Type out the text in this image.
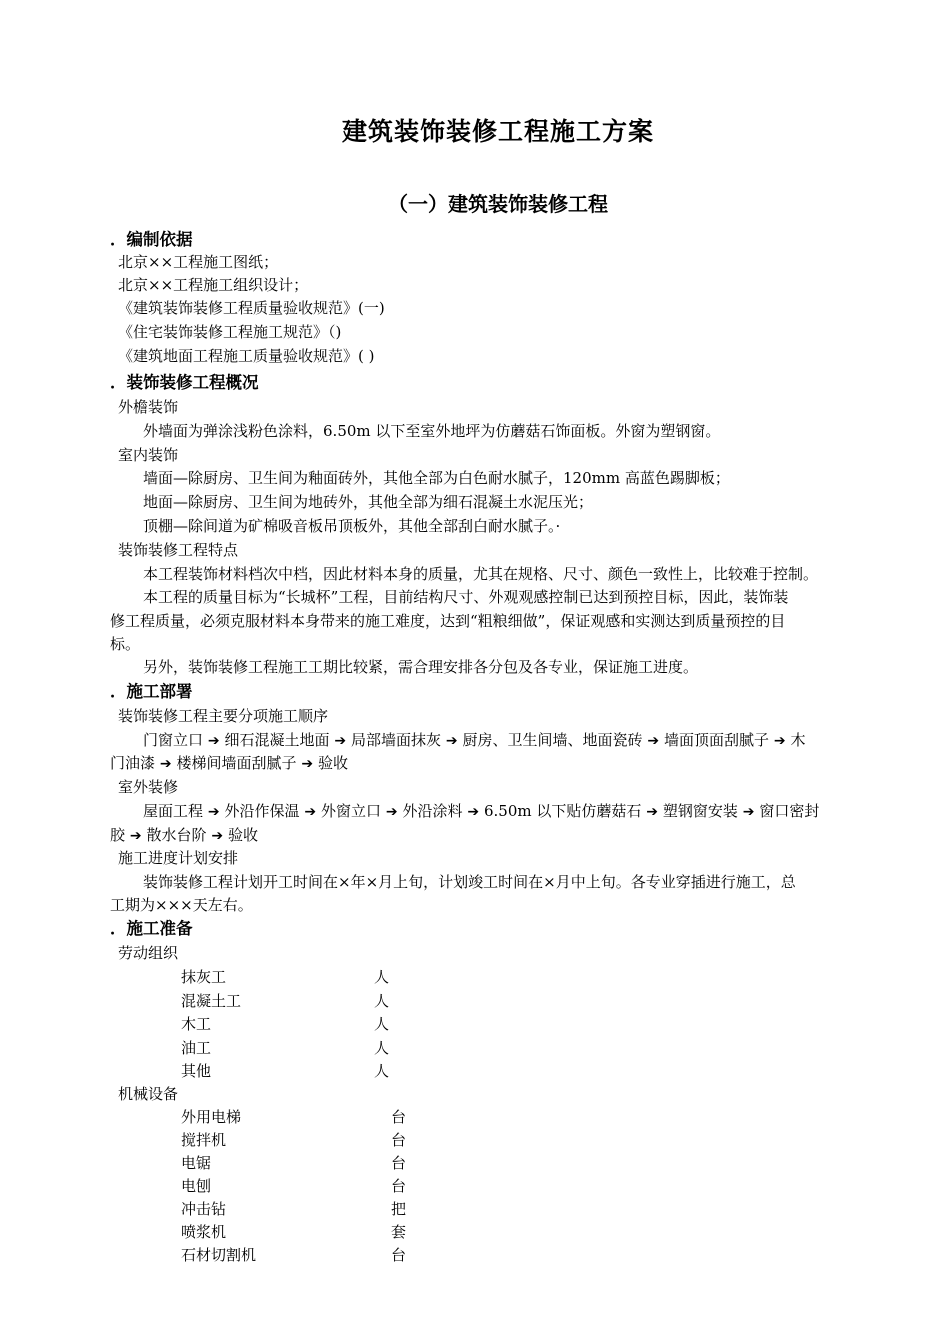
建筑装饰装修工程施工方案
（一）建筑装饰装修工程
．编制依据
北京××工程施工图纸；
北京××工程施工组织设计；
《建筑装饰装修工程质量验收规范》(一)
《住宅装饰装修工程施工规范》（)
《建筑地面工程施工质量验收规范》( )
．装饰装修工程概况
外檐装饰
外墙面为弹涂浅粉色涂料，6.50m 以下至室外地坪为仿蘑菇石饰面板。外窗为塑钢窗。
室内装饰
墙面—除厨房、卫生间为釉面砖外，其他全部为白色耐水腻子，120mm 高蓝色踢脚板；
地面—除厨房、卫生间为地砖外，其他全部为细石混凝土水泥压光；
顶棚—除间道为矿棉吸音板吊顶板外，其他全部刮白耐水腻子。·
装饰装修工程特点
本工程装饰材料档次中档，因此材料本身的质量，尤其在规格、尺寸、颜色一致性上，比较难于控制。
本工程的质量目标为“长城杯”工程，目前结构尺寸、外观观感控制已达到预控目标，因此，装饰装
修工程质量，必须克服材料本身带来的施工难度，达到“粗粮细做”，保证观感和实测达到质量预控的目
标。
另外，装饰装修工程施工工期比较紧，需合理安排各分包及各专业，保证施工进度。
．施工部署
装饰装修工程主要分项施工顺序
门窗立口 ➔ 细石混凝土地面 ➔ 局部墙面抹灰 ➔ 厨房、卫生间墙、地面瓷砖 ➔ 墙面顶面刮腻子 ➔ 木
门油漆 ➔ 楼梯间墙面刮腻子 ➔ 验收
室外装修
屋面工程 ➔ 外沿作保温 ➔ 外窗立口 ➔ 外沿涂料 ➔ 6.50m 以下贴仿蘑菇石 ➔ 塑钢窗安装 ➔ 窗口密封
胶 ➔ 散水台阶 ➔ 验收
施工进度计划安排
装饰装修工程计划开工时间在×年×月上旬，计划竣工时间在×月中上旬。各专业穿插进行施工，总
工期为×××天左右。
．施工准备
劳动组织
抹灰工	人
混凝土工	人
木工	人
油工	人
其他	人
机械设备
外用电梯	台
搅拌机	台
电锯	台
电刨	台
冲击钻	把
喷浆机	套
石材切割机	台
